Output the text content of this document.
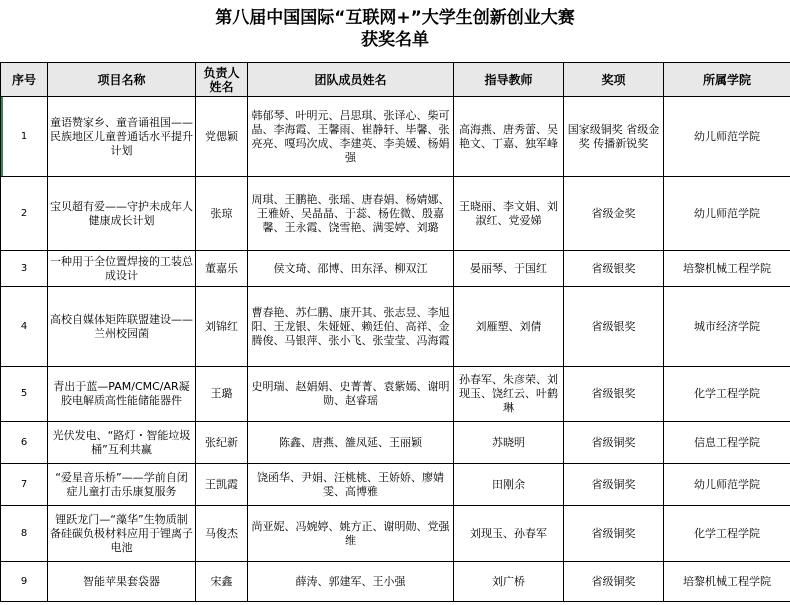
第八届中国国际“互联网+”大学生创新创业大赛
获奖名单
序号	项目名称	负责人姓名	团队成员姓名	指导教师	奖项	所属学院
1	童语赞家乡、童音诵祖国——民族地区儿童普通话水平提升计划	党偲颖	韩郁琴、叶明元、吕思琪、张译心、柴可晶、李海霞、王馨雨、崔静轩、毕馨、张亮亮、嘎玛次成、李建英、李美媛、杨娟强	高海燕、唐秀蕾、吴艳文、丁嘉、独军峰	国家级铜奖 省级金奖 传播新锐奖	幼儿师范学院
2	宝贝超有爱——守护未成年人健康成长计划	张琼	周琪、王鹏艳、张瑶、唐春娟、杨婧娜、王雅娇、吴晶晶、于蕊、杨佐微、殷嘉馨、王永霞、饶雪艳、满雯婷、刘璐	王晓丽、李文娟、刘淑红、党爱娣	省级金奖	幼儿师范学院
3	一种用于全位置焊接的工装总成设计	董嘉乐	侯文琦、邵博、田东泽、柳双江	晏丽琴、于国红	省级银奖	培黎机械工程学院
4	高校自媒体矩阵联盟建设——兰州校园菌	刘锦红	曹春艳、苏仁鹏、康开其、张志昱、李旭阳、王龙银、朱娅娅、赖廷伯、高祥、金腾俊、马银萍、张小飞、张莹莹、冯海霞	刘雁塑、刘倩	省级银奖	城市经济学院
5	青出于蓝—PAM/CMC/AR凝胶电解质高性能储能器件	王璐	史明瑞、赵娟娟、史菁菁、袁紫嫣、谢明勋、赵睿瑶	孙春军、朱彦荣、刘现玉、饶红云、叶鹤琳	省级银奖	化学工程学院
6	光伏发电、“路灯・智能垃圾桶”互利共赢	张纪新	陈鑫、唐燕、雒凤延、王丽颖	苏晓明	省级铜奖	信息工程学院
7	“爱星音乐桥”——学前自闭症儿童打击乐康复服务	王凯霞	饶函华、尹娟、汪桃桃、王娇娇、廖婧雯、高博雅	田刚余	省级铜奖	幼儿师范学院
8	锂跃龙门—“藻华”生物质制备硅碳负极材料应用于锂离子电池	马俊杰	尚亚妮、冯婉婷、姚方正、谢明勋、党强维	刘现玉、孙春军	省级铜奖	化学工程学院
9	智能苹果套袋器	宋鑫	薛涛、郭建军、王小强	刘广桥	省级铜奖	培黎机械工程学院
